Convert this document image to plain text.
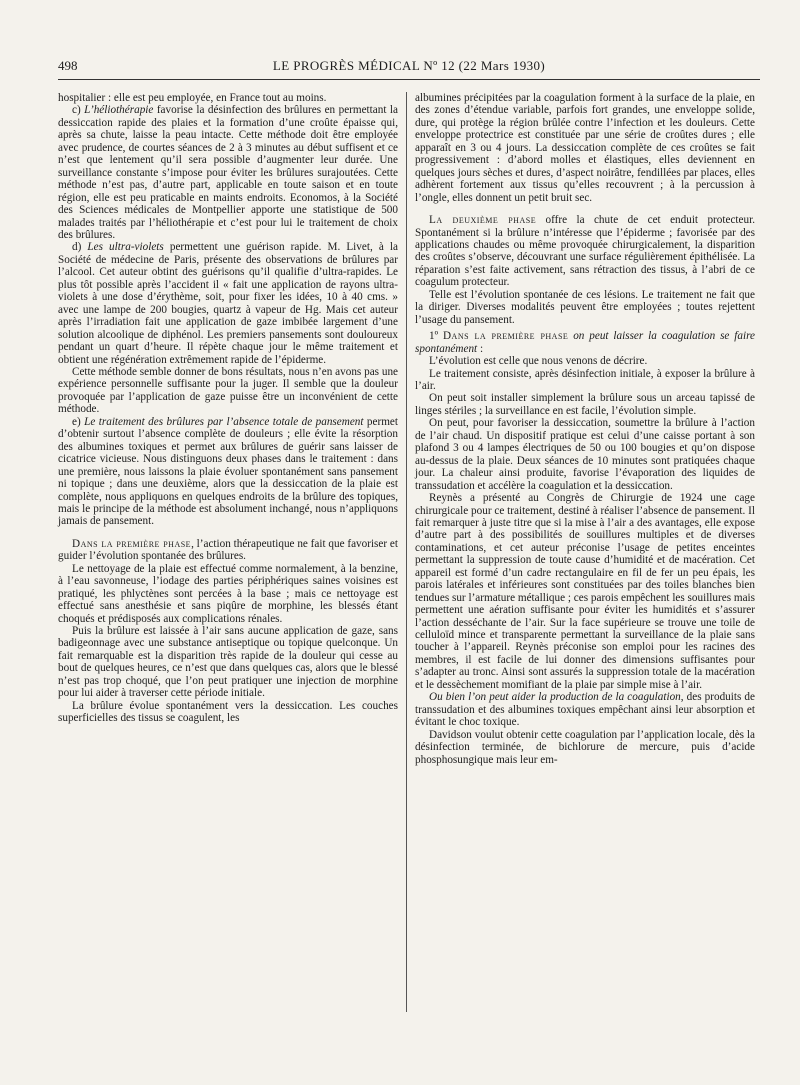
498	LE PROGRÈS MÉDICAL Nº 12 (22 Mars 1930)

hospitalier : elle est peu employée, en France tout au moins.

c) L’héliothérapie favorise la désinfection des brûlures en permettant la dessiccation rapide des plaies et la formation d’une croûte épaisse qui, après sa chute, laisse la peau intacte. Cette méthode doit être employée avec prudence, de courtes séances de 2 à 3 minutes au début suffisent et ce n’est que lentement qu’il sera possible d’augmenter leur durée. Une surveillance constante s’impose pour éviter les brûlures surajoutées. Cette méthode n’est pas, d’autre part, applicable en toute saison et en toute région, elle est peu praticable en maints endroits. Economos, à la Société des Sciences médicales de Montpellier apporte une statistique de 500 malades traités par l’héliothérapie et c’est pour lui le traitement de choix des brûlures.

d) Les ultra-violets permettent une guérison rapide. M. Livet, à la Société de médecine de Paris, présente des observations de brûlures par l’alcool. Cet auteur obtint des guérisons qu’il qualifie d’ultra-rapides. Le plus tôt possible après l’accident il « fait une application de rayons ultra-violets à une dose d’érythème, soit, pour fixer les idées, 10 à 40 cms. » avec une lampe de 200 bougies, quartz à vapeur de Hg. Mais cet auteur après l’irradiation fait une application de gaze imbibée largement d’une solution alcoolique de diphénol. Les premiers pansements sont douloureux pendant un quart d’heure. Il répète chaque jour le même traitement et obtient une régénération extrêmement rapide de l’épiderme.

Cette méthode semble donner de bons résultats, nous n’en avons pas une expérience personnelle suffisante pour la juger. Il semble que la douleur provoquée par l’application de gaze puisse être un inconvénient de cette méthode.

e) Le traitement des brûlures par l’absence totale de pansement permet d’obtenir surtout l’absence complète de douleurs ; elle évite la résorption des albumines toxiques et permet aux brûlures de guérir sans laisser de cicatrice vicieuse. Nous distinguons deux phases dans le traitement : dans une première, nous laissons la plaie évoluer spontanément sans pansement ni topique ; dans une deuxième, alors que la dessiccation de la plaie est complète, nous appliquons en quelques endroits de la brûlure des topiques, mais le principe de la méthode est absolument inchangé, nous n’appliquons jamais de pansement.

Dans la première phase, l’action thérapeutique ne fait que favoriser et guider l’évolution spontanée des brûlures.

Le nettoyage de la plaie est effectué comme normalement, à la benzine, à l’eau savonneuse, l’iodage des parties périphériques saines voisines est pratiqué, les phlyctènes sont percées à la base ; mais ce nettoyage est effectué sans anesthésie et sans piqûre de morphine, les blessés étant choqués et prédisposés aux complications rénales.

Puis la brûlure est laissée à l’air sans aucune application de gaze, sans badigeonnage avec une substance antiseptique ou topique quelconque. Un fait remarquable est la disparition très rapide de la douleur qui cesse au bout de quelques heures, ce n’est que dans quelques cas, alors que le blessé n’est pas trop choqué, que l’on peut pratiquer une injection de morphine pour lui aider à traverser cette période initiale.

La brûlure évolue spontanément vers la dessiccation. Les couches superficielles des tissus se coagulent, les

albumines précipitées par la coagulation forment à la surface de la plaie, en des zones d’étendue variable, parfois fort grandes, une enveloppe solide, dure, qui protège la région brûlée contre l’infection et les douleurs. Cette enveloppe protectrice est constituée par une série de croûtes dures ; elle apparaît en 3 ou 4 jours. La dessiccation complète de ces croûtes se fait progressivement : d’abord molles et élastiques, elles deviennent en quelques jours sèches et dures, d’aspect noirâtre, fendillées par places, elles adhèrent fortement aux tissus qu’elles recouvrent ; à la percussion à l’ongle, elles donnent un petit bruit sec.

La deuxième phase offre la chute de cet enduit protecteur. Spontanément si la brûlure n’intéresse que l’épiderme ; favorisée par des applications chaudes ou même provoquée chirurgicalement, la disparition des croûtes s’observe, découvrant une surface régulièrement épithélisée. La réparation s’est faite activement, sans rétraction des tissus, à l’abri de ce coagulum protecteur.

Telle est l’évolution spontanée de ces lésions. Le traitement ne fait que la diriger. Diverses modalités peuvent être employées ; toutes rejettent l’usage du pansement.

1º Dans la première phase on peut laisser la coagulation se faire spontanément :

L’évolution est celle que nous venons de décrire.

Le traitement consiste, après désinfection initiale, à exposer la brûlure à l’air.

On peut soit installer simplement la brûlure sous un arceau tapissé de linges stériles ; la surveillance en est facile, l’évolution simple.

On peut, pour favoriser la dessiccation, soumettre la brûlure à l’action de l’air chaud. Un dispositif pratique est celui d’une caisse portant à son plafond 3 ou 4 lampes électriques de 50 ou 100 bougies et qu’on dispose au-dessus de la plaie. Deux séances de 10 minutes sont pratiquées chaque jour. La chaleur ainsi produite, favorise l’évaporation des liquides de transsudation et accélère la coagulation et la dessiccation.

Reynès a présenté au Congrès de Chirurgie de 1924 une cage chirurgicale pour ce traitement, destiné à réaliser l’absence de pansement. Il fait remarquer à juste titre que si la mise à l’air a des avantages, elle expose d’autre part à des possibilités de souillures multiples et de diverses contaminations, et cet auteur préconise l’usage de petites enceintes permettant la suppression de toute cause d’humidité et de macération. Cet appareil est formé d’un cadre rectangulaire en fil de fer un peu épais, les parois latérales et inférieures sont constituées par des toiles blanches bien tendues sur l’armature métallique ; ces parois empêchent les souillures mais permettent une aération suffisante pour éviter les humidités et s’assurer l’action desséchante de l’air. Sur la face supérieure se trouve une toile de celluloïd mince et transparente permettant la surveillance de la plaie sans toucher à l’appareil. Reynès préconise son emploi pour les racines des membres, il est facile de lui donner des dimensions suffisantes pour s’adapter au tronc. Ainsi sont assurés la suppression totale de la macération et le dessèchement momifiant de la plaie par simple mise à l’air.

Ou bien l’on peut aider la production de la coagulation, des produits de transsudation et des albumines toxiques empêchant ainsi leur absorption et évitant le choc toxique.

Davidson voulut obtenir cette coagulation par l’application locale, dès la désinfection terminée, de bichlorure de mercure, puis d’acide phosphosungique mais leur em-
